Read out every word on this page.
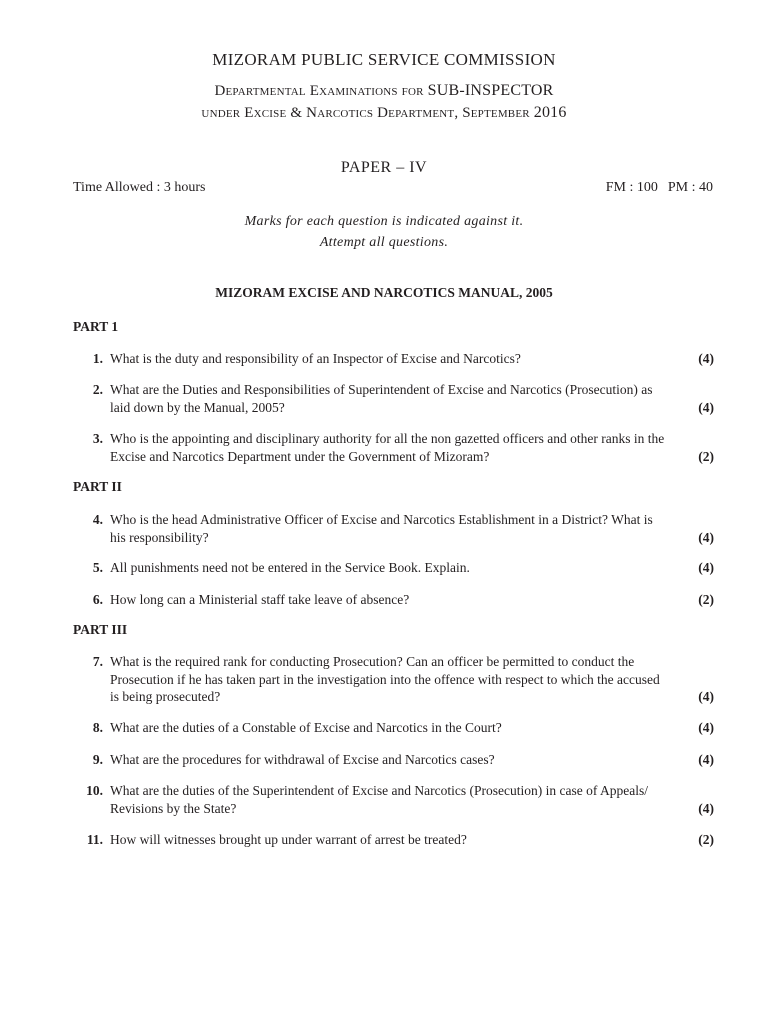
MIZORAM PUBLIC SERVICE COMMISSION
Departmental Examinations for SUB-INSPECTOR
under Excise & Narcotics Department, September 2016
PAPER – IV
Time Allowed : 3 hours	FM : 100 PM : 40
Marks for each question is indicated against it.
Attempt all questions.
MIZORAM EXCISE AND NARCOTICS MANUAL, 2005
PART 1
1.	(4)
What is the duty and responsibility of an Inspector of Excise and Narcotics?
2. What are the Duties and Responsibilities of Superintendent of Excise and Narcotics (Prosecution) as
(4)
laid down by the Manual, 2005?
3. Who is the appointing and disciplinary authority for all the non gazetted officers and other ranks in the
(2)
Excise and Narcotics Department under the Government of Mizoram?
PART II
4. Who is the head Administrative Officer of Excise and Narcotics Establishment in a District? What is
(4)
his responsibility?
5.	(4)
All punishments need not be entered in the Service Book. Explain.
6.	(2)
How long can a Ministerial staff take leave of absence?
PART III
7. What is the required rank for conducting Prosecution? Can an officer be permitted to conduct the
Prosecution if he has taken part in the investigation into the offence with respect to which the accused
(4)
is being prosecuted?
8.	(4)
What are the duties of a Constable of Excise and Narcotics in the Court?
9.	(4)
What are the procedures for withdrawal of Excise and Narcotics cases?
10. What are the duties of the Superintendent of Excise and Narcotics (Prosecution) in case of Appeals/
(4)
Revisions by the State?
11.	(2)
How will witnesses brought up under warrant of arrest be treated?
